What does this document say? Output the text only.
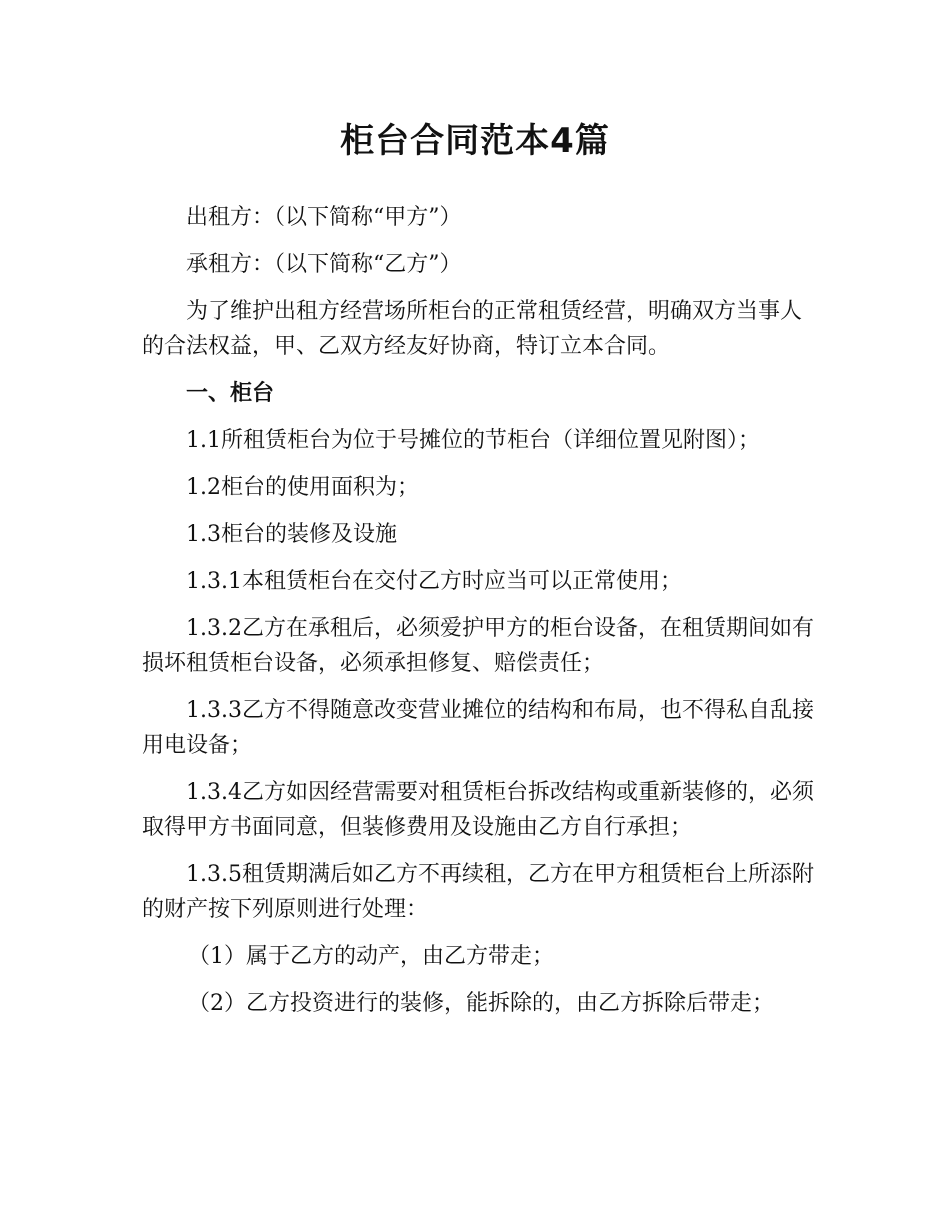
柜台合同范本4篇

出租方：（以下简称“甲方”）

承租方：（以下简称“乙方”）

为了维护出租方经营场所柜台的正常租赁经营，明确双方当事人的合法权益，甲、乙双方经友好协商，特订立本合同。

一、柜台

1.1所租赁柜台为位于号摊位的节柜台（详细位置见附图）；

1.2柜台的使用面积为；

1.3柜台的装修及设施

1.3.1本租赁柜台在交付乙方时应当可以正常使用；

1.3.2乙方在承租后，必须爱护甲方的柜台设备，在租赁期间如有损坏租赁柜台设备，必须承担修复、赔偿责任；

1.3.3乙方不得随意改变营业摊位的结构和布局，也不得私自乱接用电设备；

1.3.4乙方如因经营需要对租赁柜台拆改结构或重新装修的，必须取得甲方书面同意，但装修费用及设施由乙方自行承担；

1.3.5租赁期满后如乙方不再续租，乙方在甲方租赁柜台上所添附的财产按下列原则进行处理：

（1）属于乙方的动产，由乙方带走；

（2）乙方投资进行的装修，能拆除的，由乙方拆除后带走；
